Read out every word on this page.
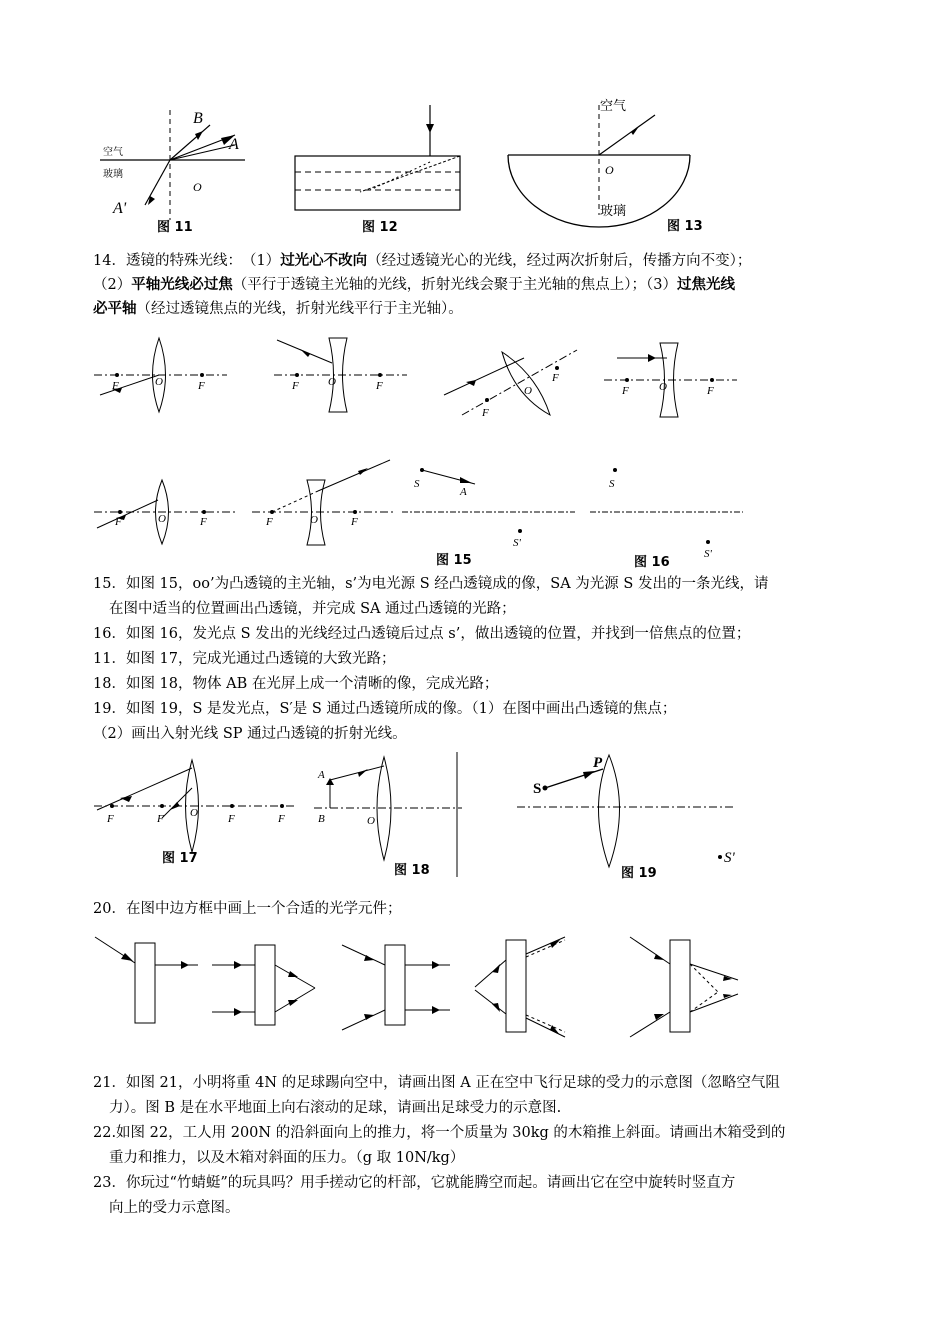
空气
玻璃
B
A
A'
O
图 11	图 12
空气
O
玻璃
图 13
14．透镜的特殊光线：　（1）过光心不改向（经过透镜光心的光线，经过两次折射后，传播方向不变）；
（2）平轴光线必过焦（平行于透镜主光轴的光线，折射光线会聚于主光轴的焦点上）；（3）过焦光线
必平轴（经过透镜焦点的光线，折射光线平行于主光轴）。
F	O	F	F	O	F
F
O
F
F	O	F
F	O	F	F	O	F
S
A
S'
图 15
S
S'
图 16
15．如图 15，oo’为凸透镜的主光轴，s’为电光源 S 经凸透镜成的像，SA 为光源 S 发出的一条光线，请
在图中适当的位置画出凸透镜，并完成 SA 通过凸透镜的光路；
16．如图 16，发光点 S 发出的光线经过凸透镜后过点 s’，做出透镜的位置，并找到一倍焦点的位置；
11．如图 17，完成光通过凸透镜的大致光路；
18．如图 18，物体 AB 在光屏上成一个清晰的像，完成光路；
19．如图 19，S 是发光点，S′是 S 通过凸透镜所成的像。（1）在图中画出凸透镜的焦点；
（2）画出入射光线 SP 通过凸透镜的折射光线。
F	F O	F	F
图 17
A
B	O
图 18
S
P
S'
图 19
20．在图中边方框中画上一个合适的光学元件；
21．如图 21，小明将重 4N 的足球踢向空中，请画出图 A 正在空中飞行足球的受力的示意图（忽略空气阻
力）。图 B 是在水平地面上向右滚动的足球，请画出足球受力的示意图.
22.如图 22，工人用 200N 的沿斜面向上的推力，将一个质量为 30kg 的木箱推上斜面。请画出木箱受到的
重力和推力，以及木箱对斜面的压力。（g 取 10N/kg）
23．你玩过“竹蜻蜓”的玩具吗？用手搓动它的杆部，它就能腾空而起。请画出它在空中旋转时竖直方
向上的受力示意图。
